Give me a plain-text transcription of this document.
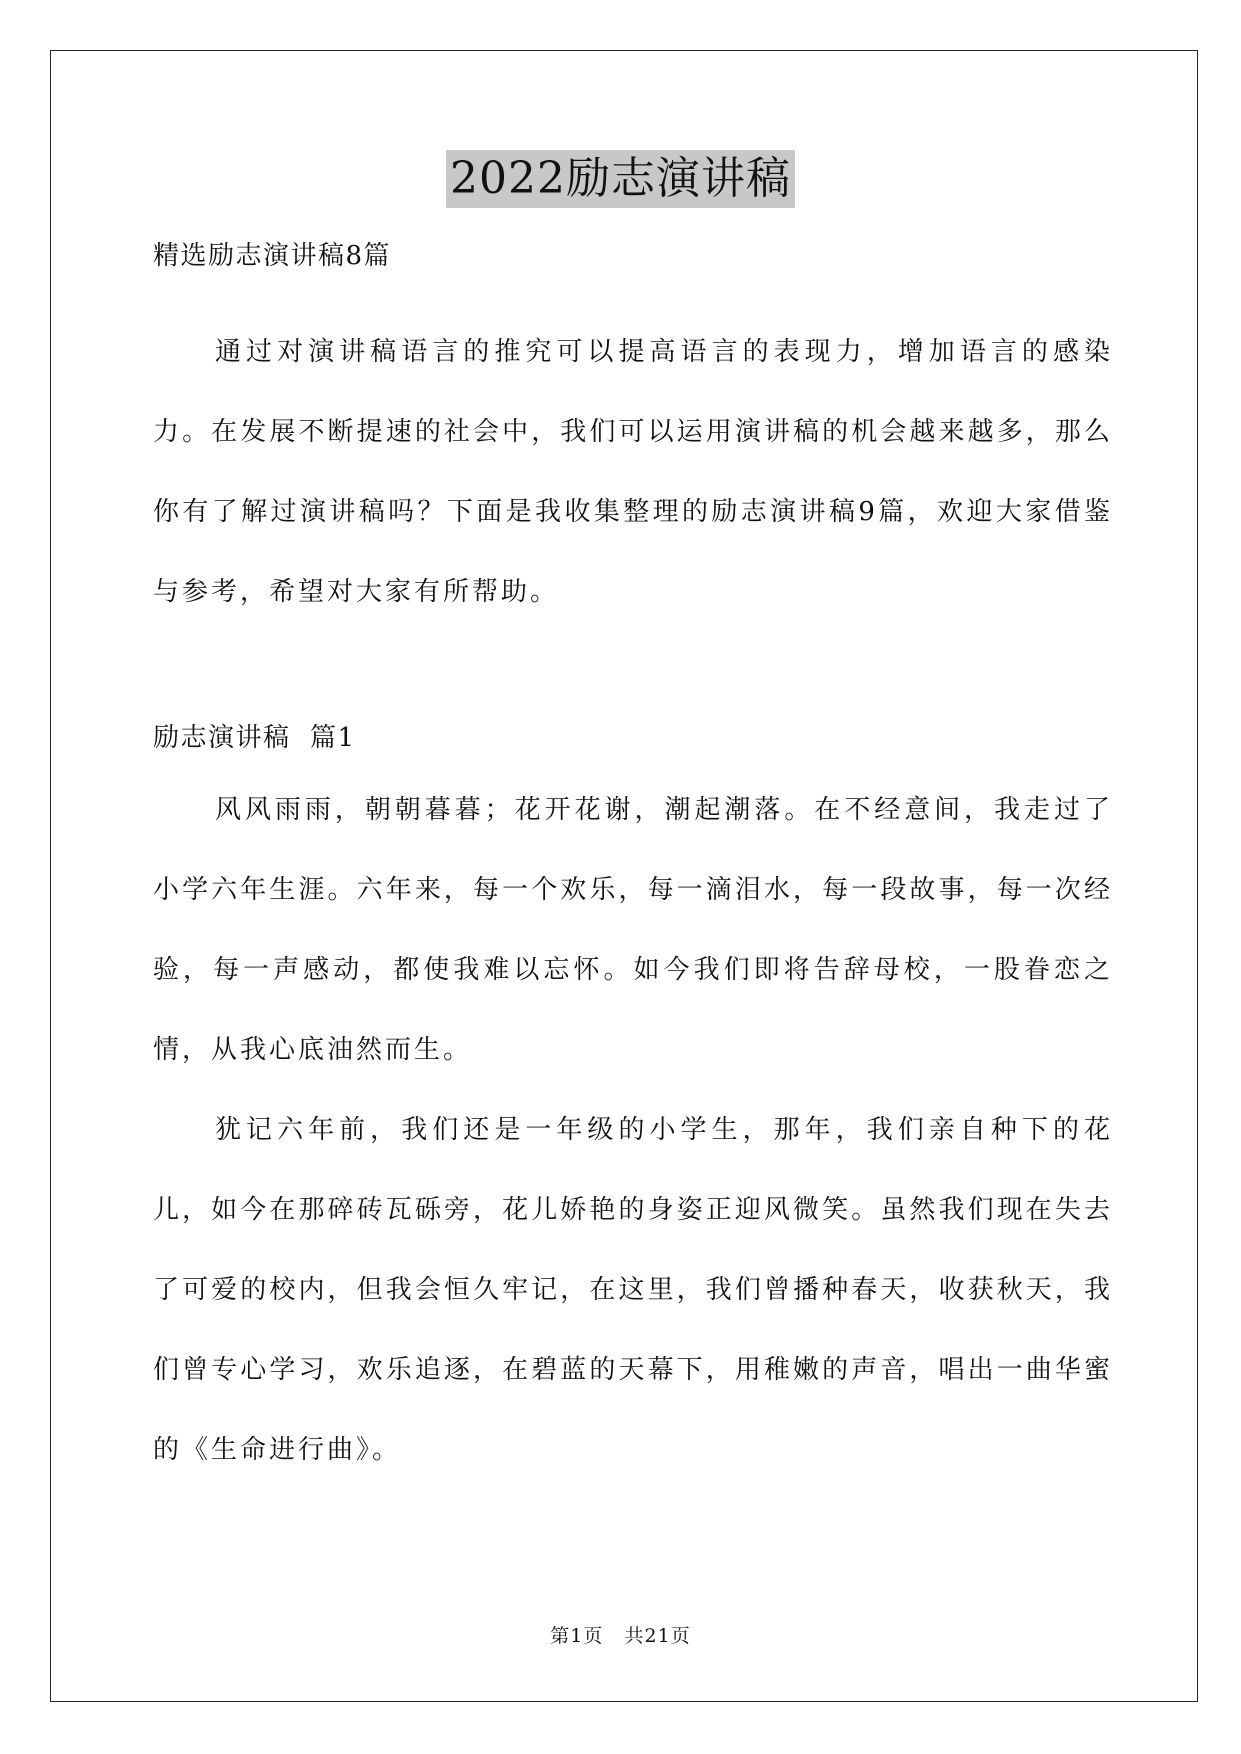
2022励志演讲稿

精选励志演讲稿8篇

通过对演讲稿语言的推究可以提高语言的表现力，增加语言的感染力。在发展不断提速的社会中，我们可以运用演讲稿的机会越来越多，那么你有了解过演讲稿吗？下面是我收集整理的励志演讲稿9篇，欢迎大家借鉴与参考，希望对大家有所帮助。

励志演讲稿  篇1

风风雨雨，朝朝暮暮；花开花谢，潮起潮落。在不经意间，我走过了小学六年生涯。六年来，每一个欢乐，每一滴泪水，每一段故事，每一次经验，每一声感动，都使我难以忘怀。如今我们即将告辞母校，一股眷恋之情，从我心底油然而生。

犹记六年前，我们还是一年级的小学生，那年，我们亲自种下的花儿，如今在那碎砖瓦砾旁，花儿娇艳的身姿正迎风微笑。虽然我们现在失去了可爱的校内，但我会恒久牢记，在这里，我们曾播种春天，收获秋天，我们曾专心学习，欢乐追逐，在碧蓝的天幕下，用稚嫩的声音，唱出一曲华蜜的《生命进行曲》。

第1页 共21页
